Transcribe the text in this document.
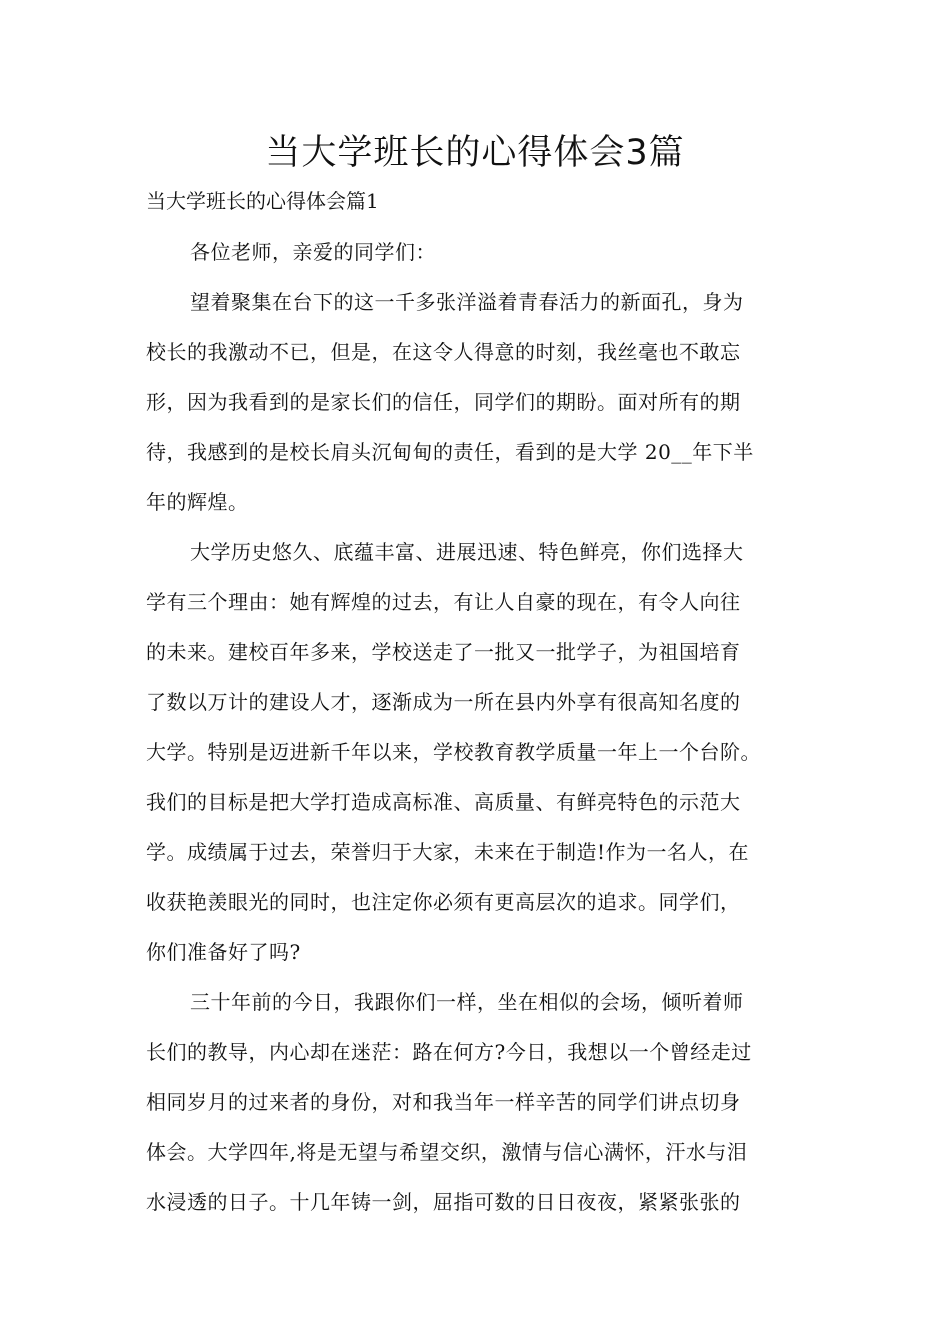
当大学班长的心得体会3篇
当大学班长的心得体会篇1
各位老师，亲爱的同学们：
望着聚集在台下的这一千多张洋溢着青春活力的新面孔，身为
校长的我激动不已，但是，在这令人得意的时刻，我丝毫也不敢忘
形，因为我看到的是家长们的信任，同学们的期盼。面对所有的期
待，我感到的是校长肩头沉甸甸的责任，看到的是大学 20__年下半
年的辉煌。
大学历史悠久、底蕴丰富、进展迅速、特色鲜亮，你们选择大
学有三个理由：她有辉煌的过去，有让人自豪的现在，有令人向往
的未来。建校百年多来，学校送走了一批又一批学子，为祖国培育
了数以万计的建设人才，逐渐成为一所在县内外享有很高知名度的
大学。特别是迈进新千年以来，学校教育教学质量一年上一个台阶。
我们的目标是把大学打造成高标准、高质量、有鲜亮特色的示范大
学。成绩属于过去，荣誉归于大家，未来在于制造!作为一名人，在
收获艳羡眼光的同时，也注定你必须有更高层次的追求。同学们，
你们准备好了吗?
三十年前的今日，我跟你们一样，坐在相似的会场，倾听着师
长们的教导，内心却在迷茫：路在何方?今日，我想以一个曾经走过
相同岁月的过来者的身份，对和我当年一样辛苦的同学们讲点切身
体会。大学四年,将是无望与希望交织，激情与信心满怀，汗水与泪
水浸透的日子。十几年铸一剑，屈指可数的日日夜夜，紧紧张张的
